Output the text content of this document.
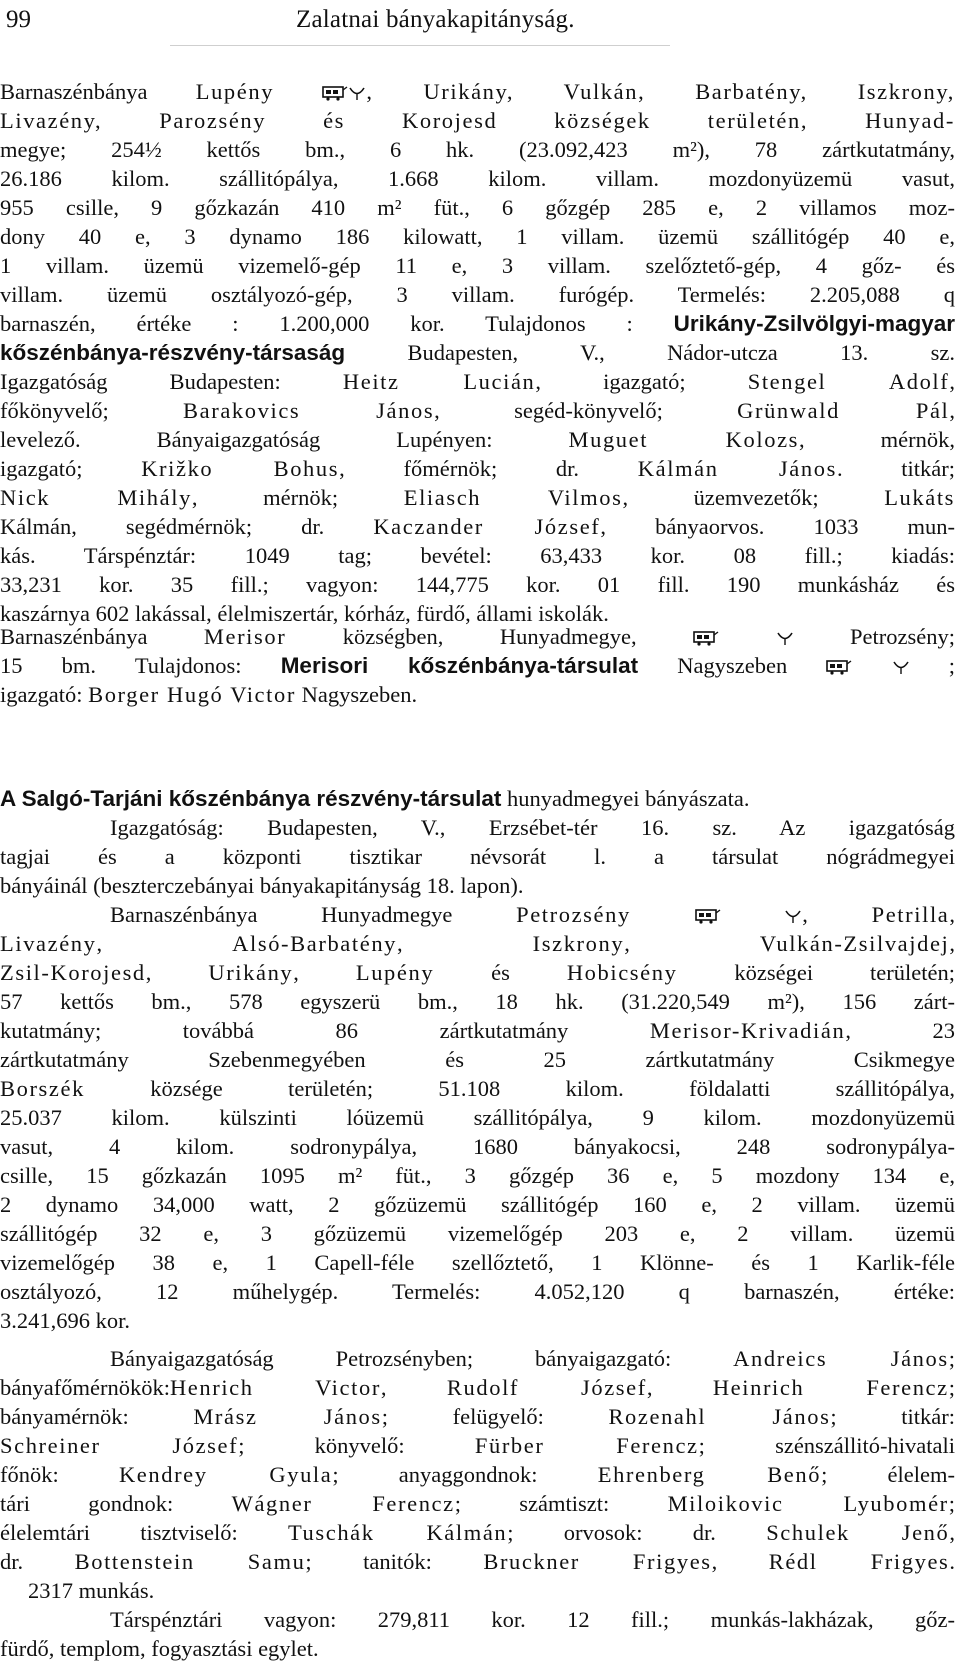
99	Zalatnai bányakapitányság.
Barnaszénbánya Lupény	, Urikány, Vulkán, Barbatény, Iszkrony,
Livazény, Parozsény és Korojesd községek területén, Hunyad-
megye; 254½ kettős bm., 6 hk. (23.092,423 m²), 78 zártkutatmány,
26.186 kilom. szállitópálya, 1.668 kilom. villam. mozdonyüzemü vasut,
955 csille, 9 gőzkazán 410 m² füt., 6 gőzgép 285 e, 2 villamos moz-
dony 40 e, 3 dynamo 186 kilowatt, 1 villam. üzemü szállitógép 40 e,
1 villam. üzemü vizemelő-gép 11 e, 3 villam. szelőztető-gép, 4 gőz- és
villam. üzemü osztályozó-gép, 3 villam. furógép. Termelés: 2.205,088 q
barnaszén, értéke : 1.200,000 kor. Tulajdonos : Urikány-Zsilvölgyi-magyar
kőszénbánya-részvény-társaság	Budapesten, V., Nádor-utcza 13. sz.
Igazgatóság Budapesten:	Heitz Lucián, igazgató;	Stengel Adolf,
főkönyvelő;	Barakovics János, segéd-könyvelő;	Grünwald Pál,
levelező. Bányaigazgatóság Lupényen:	Muguet Kolozs, mérnök,
igazgató;	Križko Bohus, főmérnök; dr.	Kálmán János. titkár;
Nick Mihály, mérnök;	Eliasch Vilmos, üzemvezetők;	Lukáts
Kálmán, segédmérnök; dr. Kaczander József, bányaorvos. 1033 mun-
kás. Társpénztár: 1049 tag; bevétel: 63,433 kor. 08 fill.; kiadás:
33,231 kor. 35 fill.; vagyon: 144,775 kor. 01 fill. 190 munkásház és
kaszárnya 602 lakással, élelmiszertár, kórház, fürdő, állami iskolák.
Barnaszénbánya	Merisor	községben, Hunyadmegye,	Petrozsény;
15 bm. Tulajdonos: Merisori kőszénbánya-társulat Nagyszeben	;
igazgató: Borger Hugó Victor Nagyszeben.
A Salgó-Tarjáni kőszénbánya részvény-társulat hunyadmegyei bányászata.
Igazgatóság: Budapesten, V., Erzsébet-tér 16. sz. Az igazgatóság
tagjai és a központi tisztikar névsorát l. a társulat nógrádmegyei
bányáinál (beszterczebányai bányakapitányság 18. lapon).
Barnaszénbánya Hunyadmegye	Petrozsény	,	Petrilla,
Livazény,	Alsó-Barbatény,	Iszkrony,	Vulkán-Zsilvajdej,
Zsil-Korojesd,	Urikány,	Lupény	és	Hobicsény	községei területén;
57 kettős bm., 578 egyszerü bm., 18 hk. (31.220,549 m²), 156 zárt-
kutatmány; továbbá 86 zártkutatmány	Merisor-Krivadián, 23
zártkutatmány Szebenmegyében és 25 zártkutatmány Csikmegye
Borszék	községe területén; 51.108 kilom. földalatti szállitópálya,
25.037 kilom. külszinti lóüzemü szállitópálya, 9 kilom. mozdonyüzemü
vasut, 4 kilom. sodronypálya, 1680 bányakocsi, 248 sodronypálya-
csille, 15 gőzkazán 1095 m² füt., 3 gőzgép 36 e, 5 mozdony 134 e,
2 dynamo 34,000 watt, 2 gőzüzemü szállitógép 160 e, 2 villam. üzemü
szállitógép 32 e, 3 gőzüzemü vizemelőgép 203 e, 2 villam. üzemü
vizemelőgép 38 e, 1 Capell-féle szellőztető, 1 Klönne- és 1 Karlik-féle
osztályozó, 12 műhelygép. Termelés: 4.052,120 q barnaszén, értéke:
3.241,696 kor.
Bányaigazgatóság Petrozsényben; bányaigazgató:	Andreics János;
bányafőmérnökök:Henrich Victor,	Rudolf József,	Heinrich Ferencz;
bányamérnök:	Mrász János; felügyelő:	Rozenahl János; titkár:
Schreiner József; könyvelő:	Fürber Ferencz; szénszállitó-hivatali
főnök:	Kendrey Gyula; anyaggondnok:	Ehrenberg Benő; élelem-
tári gondnok:	Wágner Ferencz; számtiszt:	Miloikovic Lyubomér;
élelemtári tisztviselő: Tuschák Kálmán; orvosok: dr. Schulek Jenő,
dr. Bottenstein Samu; tanitók: Bruckner Frigyes, Rédl Frigyes.
2317 munkás.
Társpénztári vagyon: 279,811 kor. 12 fill.; munkás-lakházak, gőz-
fürdő, templom, fogyasztási egylet.
